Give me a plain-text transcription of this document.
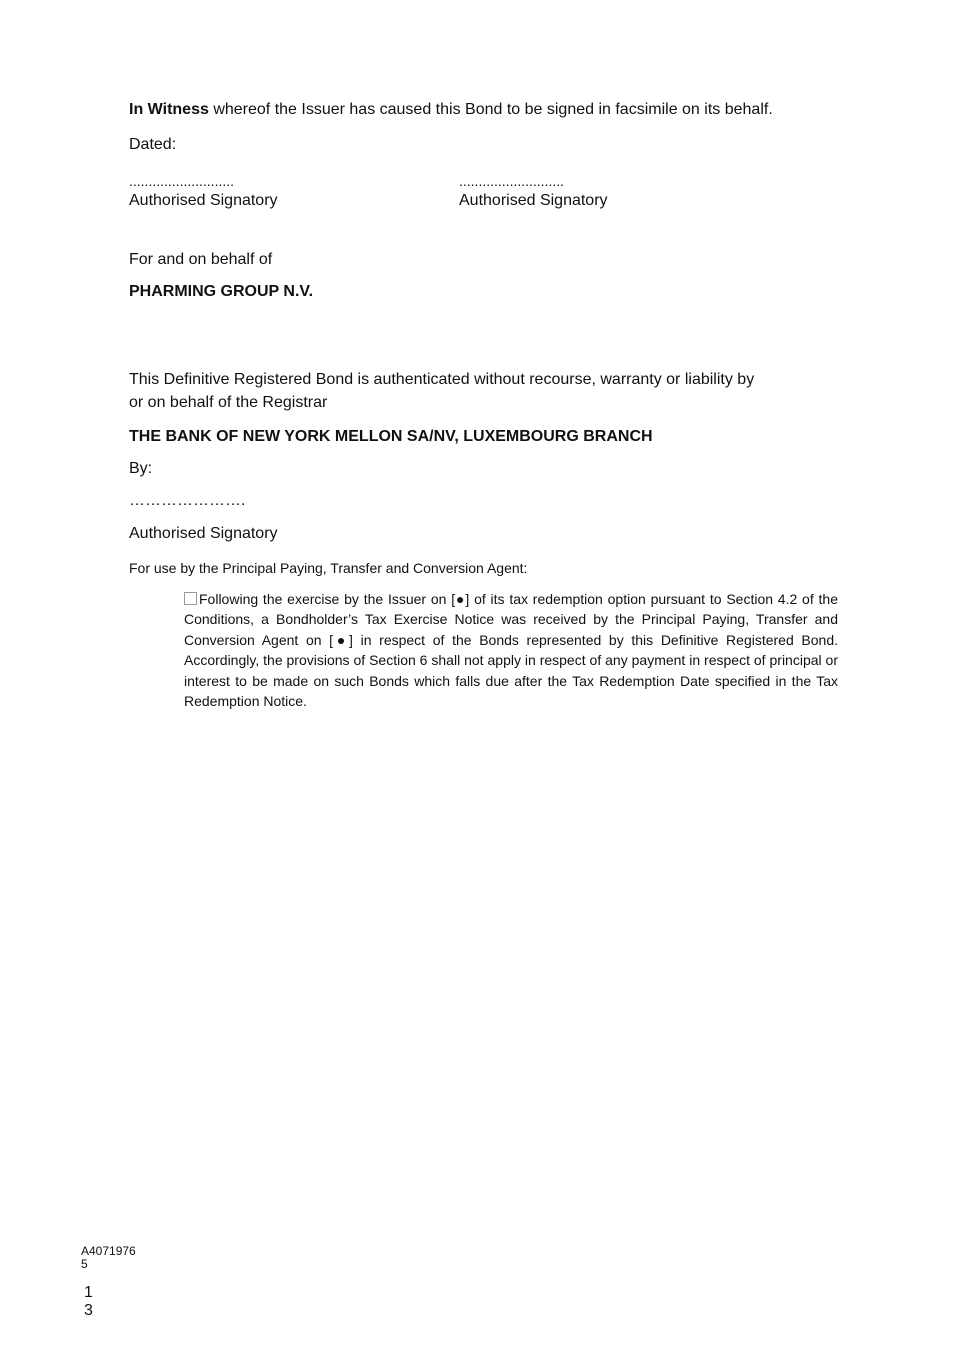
In Witness whereof the Issuer has caused this Bond to be signed in facsimile on its behalf.
Dated:
...........................
Authorised Signatory
...........................
Authorised Signatory
For and on behalf of
PHARMING GROUP N.V.
This Definitive Registered Bond is authenticated without recourse, warranty or liability by
or on behalf of the Registrar
THE BANK OF NEW YORK MELLON SA/NV, LUXEMBOURG BRANCH
By:
………………….
Authorised Signatory
For use by the Principal Paying, Transfer and Conversion Agent:
Following the exercise by the Issuer on [●] of its tax redemption option pursuant to Section 4.2 of the Conditions, a Bondholder’s Tax Exercise Notice was received by the Principal Paying, Transfer and Conversion Agent on [●] in respect of the Bonds represented by this Definitive Registered Bond. Accordingly, the provisions of Section 6 shall not apply in respect of any payment in respect of principal or interest to be made on such Bonds which falls due after the Tax Redemption Date specified in the Tax Redemption Notice.
A4071976
5
1
3
